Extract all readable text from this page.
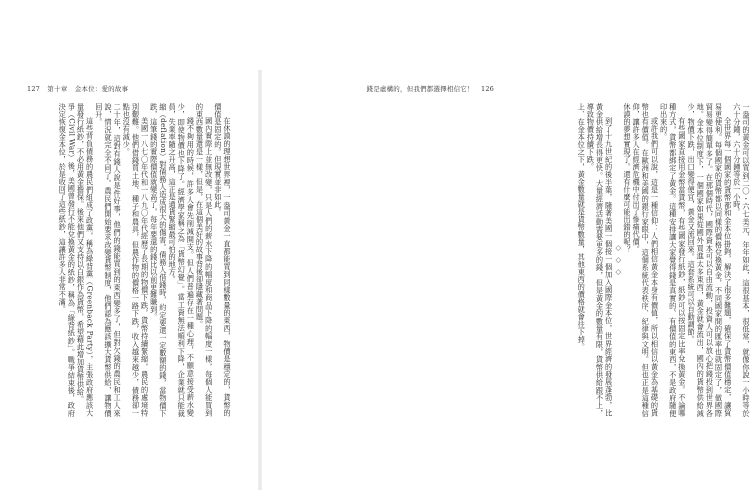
127 第十章 金本位：愛的故事

在休謨的理想世界裡，一盎司黃金一直都能買到同樣數量的東西，物價是穩定的，貨幣的價值是固定的。但現實並非如此。

國內實際上並無改變，只是人們的薪水下降的幅度和商品下降的幅度一樣，每個人能買到的東西數量還是一樣，但是，在這個美好的故事背後卻隱藏著問題。

錢不夠用的時候，許多人會先削減開支。但人們普遍存在一種心理，不願意接受薪水變少，即使物價也下降了。經濟學家稱之為「貨幣幻覺」。當工資無法順利下降，企業就只能裁員，失業率隨之升高，這正是通貨緊縮最可怕的地方。

縮（deflation）對債務人造成很大的傷害。債務人借錢時，約定要還一定數額的錢，當物價下跌，這筆錢的實際價值就變高了，每年要還的錢比以前更難賺到。

美國一八七〇年代和一八九〇年代經歷了長期的物價下跌，貨幣持續緊縮，農民的處境特別艱難。他們借錢買土地、種子和農具，但農作物的價格一路下跌，收入越來越少，債務卻一點也沒有減少。

二十年，這對有錢人說是件好事，他們的錢能買到的東西變多了，但對欠錢的農民和工人來說，情況就完全不同了。農民們開始要求改變貨幣制度，他們認為應該擴大貨幣供給，讓物價回升。

這些背負債務的農民們組成了政黨，稱為綠背黨（Greenback Party），主張政府應該大量發行紙鈔，不必用黃金擔保。後來他們又支持以白銀作為貨幣，希望藉此增加貨幣供給。

爭（Civil War）後，美國曾發行不能兌換黃金的紙鈔，稱為「綠背紙鈔」。戰爭結束後，政府決定恢復金本位，於是收回了這些紙鈔，這讓許多人非常不滿。

錢是虛構的，但我們都選擇相信它！ 126

一盎司的黃金可以買到二〇・六七美元，年年如此，這很基本，很低常，就像你說一小時等於六十分鐘，六十分鐘等於一小時。

全世界每一個國家的貨幣都和金本位掛鉤，解決了很多難題，確保了貨幣價值穩定，讓貿易更便利。每個國家的貨幣都以同樣的價格兌換黃金，不同國家間的匯率也就固定了，做國際貿易變得簡單多了。在那個時代，國際資本可以自由流動，投資人可以放心把錢投到世界各地。金本位制度下，一個國家如果從國外買進太多東西，黃金就會流出，國內的貨幣供給減少，物價下跌，出口變得便宜，黃金又流回來。這套系統可以自動調節。

有些國家直接用金幣當貨幣，有些國家發行紙鈔，紙鈔可以按固定比率兌換黃金。不論哪種方式，貨幣都綁定了黃金。這種安排讓大家覺得錢是真實的、有價值的東西，不是政府隨便印出來的。

或許我們可以說，這是一種信仰：人們相信黃金本身有價值，所以相信以黃金為基礎的貨幣也有價值。在歐洲和美國的銀行家眼中，這個系統代表秩序、紀律與文明。但也正是這種信仰，讓許多人在經濟危機中付出了慘痛代價。

休謨的夢想實現了。還有什麼可能出錯的呢？

◇ ◇ ◇

到了十九世紀的後半葉，隨著美國一個接一個加入國際金本位，世界經濟的發展蓬勃，比黃金供給增長得更快。大量經濟活動需要更多的錢，但是黃金的數量有限，貨幣供給跟不上，導致物價持續下跌。

上、在金本位之下，黃金數量就是貨幣數量，其他東西的價格就會往下掉。
